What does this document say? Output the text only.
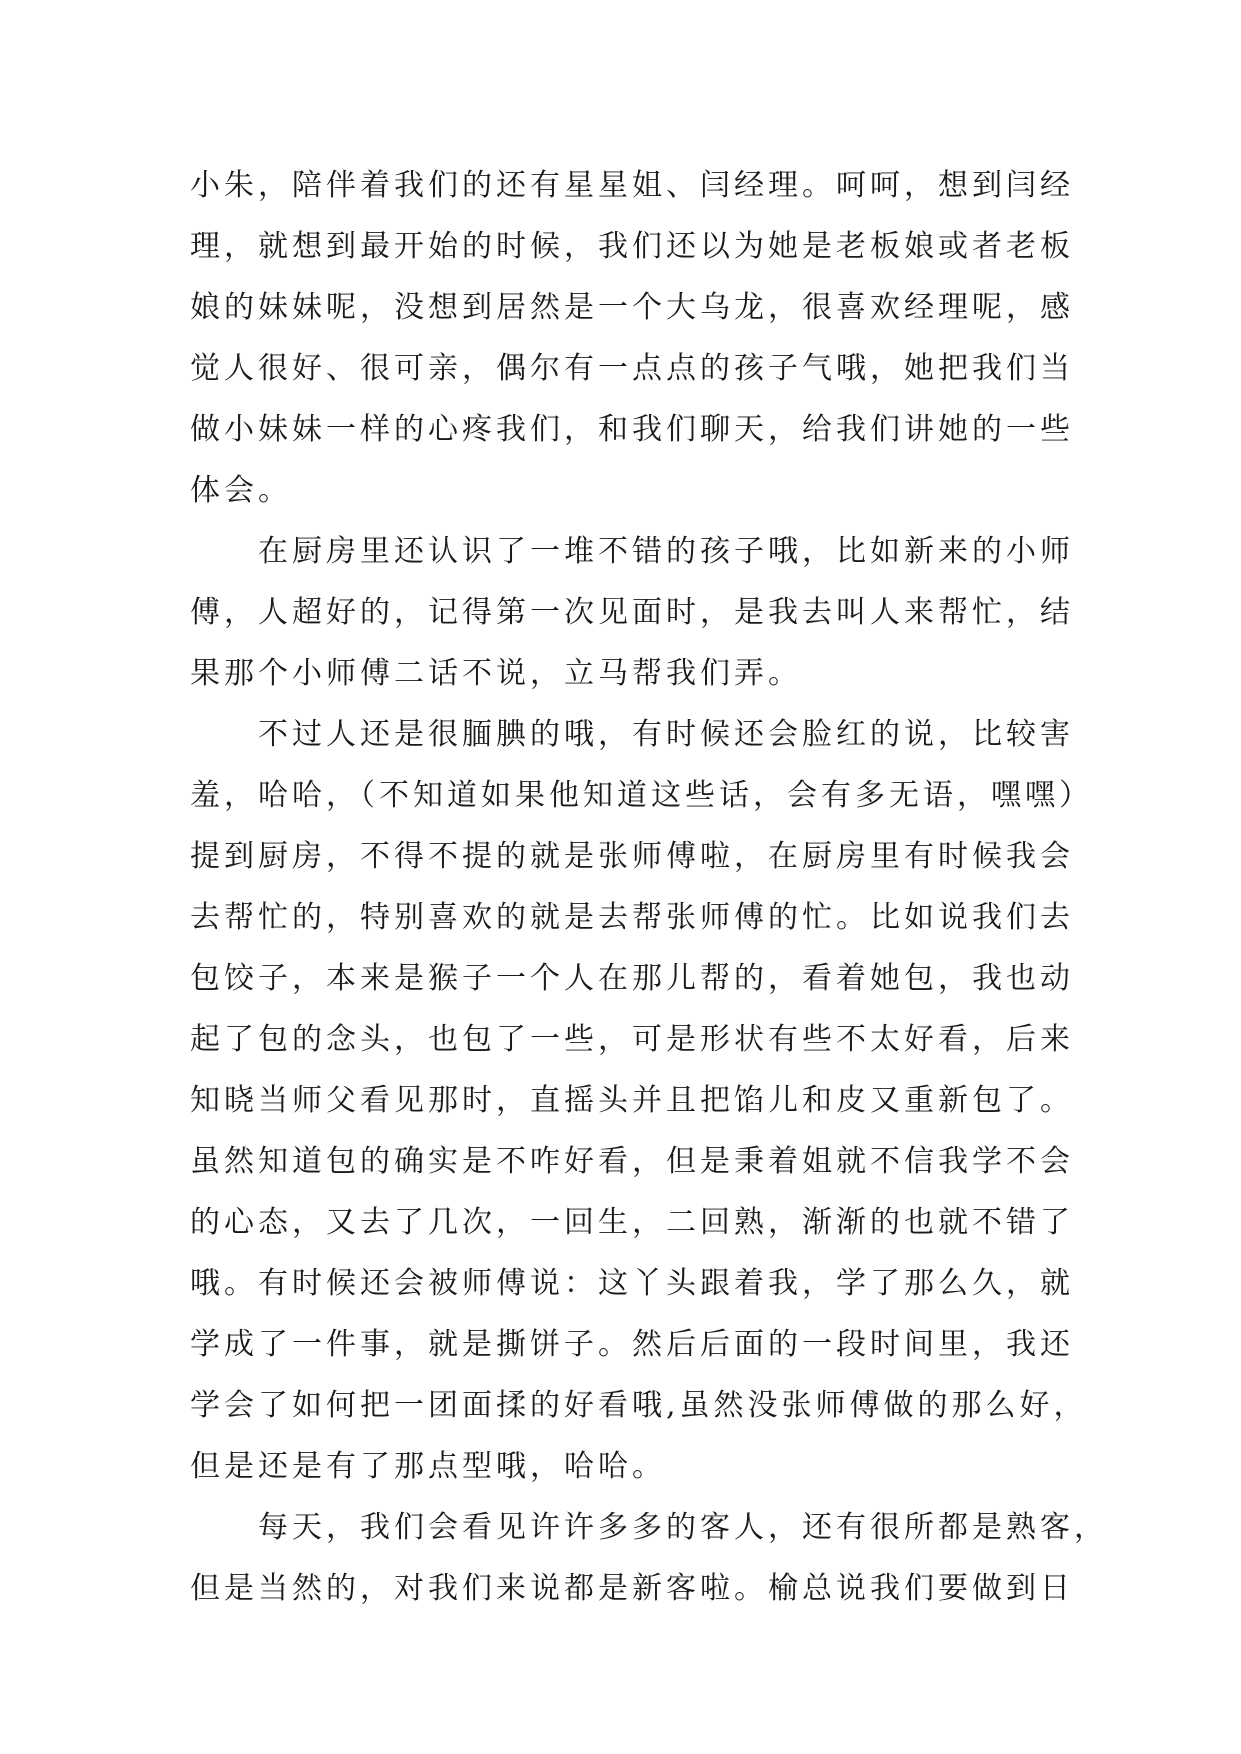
小朱，陪伴着我们的还有星星姐、闫经理。呵呵，想到闫经
理，就想到最开始的时候，我们还以为她是老板娘或者老板
娘的妹妹呢，没想到居然是一个大乌龙，很喜欢经理呢，感
觉人很好、很可亲，偶尔有一点点的孩子气哦，她把我们当
做小妹妹一样的心疼我们，和我们聊天，给我们讲她的一些
体会。
　　在厨房里还认识了一堆不错的孩子哦，比如新来的小师
傅，人超好的，记得第一次见面时，是我去叫人来帮忙，结
果那个小师傅二话不说，立马帮我们弄。
　　不过人还是很腼腆的哦，有时候还会脸红的说，比较害
羞，哈哈，（不知道如果他知道这些话，会有多无语，嘿嘿）
提到厨房，不得不提的就是张师傅啦，在厨房里有时候我会
去帮忙的，特别喜欢的就是去帮张师傅的忙。比如说我们去
包饺子，本来是猴子一个人在那儿帮的，看着她包，我也动
起了包的念头，也包了一些，可是形状有些不太好看，后来
知晓当师父看见那时，直摇头并且把馅儿和皮又重新包了。
虽然知道包的确实是不咋好看，但是秉着姐就不信我学不会
的心态，又去了几次，一回生，二回熟，渐渐的也就不错了
哦。有时候还会被师傅说：这丫头跟着我，学了那么久，就
学成了一件事，就是撕饼子。然后后面的一段时间里，我还
学会了如何把一团面揉的好看哦,虽然没张师傅做的那么好，
但是还是有了那点型哦，哈哈。
　　每天，我们会看见许许多多的客人，还有很所都是熟客，
但是当然的，对我们来说都是新客啦。榆总说我们要做到日
